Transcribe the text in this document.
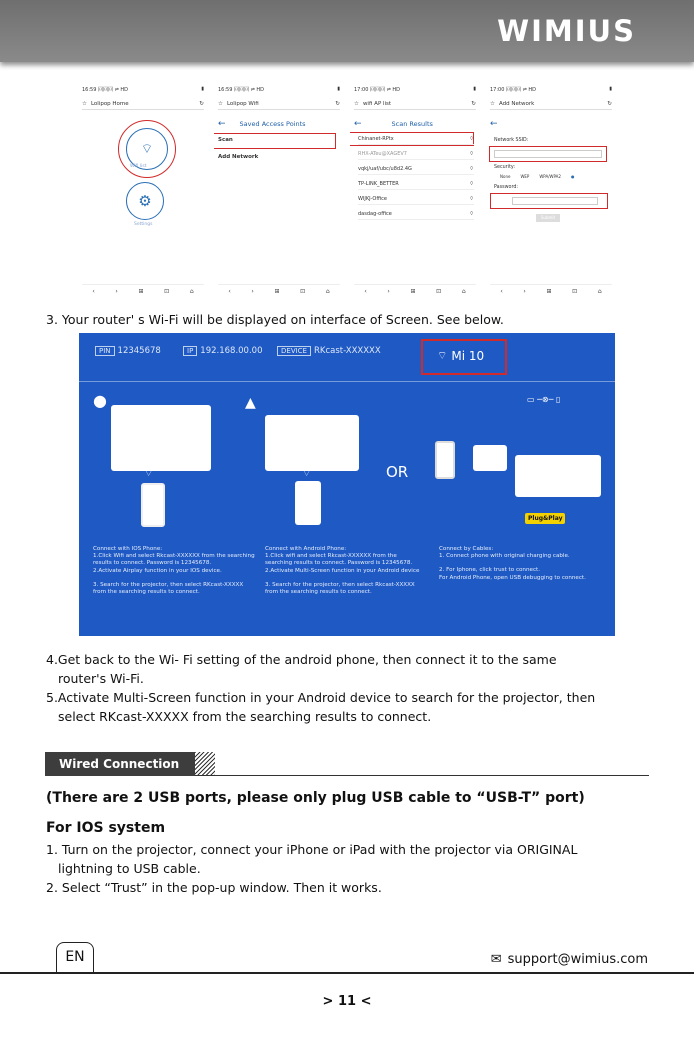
WIMIUS
16:59 回回回 ⇌ HD	▮
☆ Lolipop Home	↻
⌔
Wifi list
⚙
Settings
‹	›	⊞	⊡	⌂
16:59 回回回 ⇌ HD	▮
☆ Lolipop Wifi	↻
← Saved Access Points
Scan
Add Network
‹	›	⊞	⊡	⌂
17:00 回回回 ⇌ HD	▮
☆ wifi AP list	↻
←	Scan Results
Chinanet-RPtx	⌔
RHX-ATeu@XAGEV7	⌔
vqkj/uaf/ubc/u8d2.4G	⌔
TP-LINK_BETTER	⌔
WIJKJ-Office	⌔
dasdag-office	⌔
‹	›	⊞	⊡	⌂
17:00 回回回 ⇌ HD	▮
☆ Add Network	↻
←
Network SSID:
Security:
None	WEP	WPA/WPA2	●
Password:
Submit
‹	›	⊞	⊡	⌂
3. Your router' s Wi-Fi will be displayed on interface of Screen. See below.
PIN 12345678	IP 192.168.00.00	DEVICE RKcast-XXXXXX	⌔ Mi 10
●
⌔
▲
⌔	OR
▭ ─⊗─ ▯
Plug&Play
Connect with IOS Phone:
1.Click Wifi and select Rkcast-XXXXXX from the searching
results to connect. Password is 12345678.
2.Activate Airplay function in your IOS device.
3. Search for the projector, then select RKcast-XXXXX
from the searching results to connect.
Connect with Android Phone:
1.Click wifi and select Rkcast-XXXXXX from the
searching results to connect. Password is 12345678.
2.Activate Multi-Screen function in your Android device
3. Search for the projector, then select Rkcast-XXXXX
from the searching results to connect.
Connect by Cables:
1. Connect phone with original charging cable.
2. For Iphone, click trust to connect.
For Android Phone, open USB debugging to connect.
4.Get back to the Wi- Fi setting of the android phone, then connect it to the same
router's Wi-Fi.
5.Activate Multi-Screen function in your Android device to search for the projector, then
select RKcast-XXXXX from the searching results to connect.
Wired Connection
(There are 2 USB ports, please only plug USB cable to “USB-T” port)
For IOS system
1. Turn on the projector, connect your iPhone or iPad with the projector via ORIGINAL
lightning to USB cable.
2. Select “Trust” in the pop-up window. Then it works.
EN	✉ support@wimius.com
> 11 <
